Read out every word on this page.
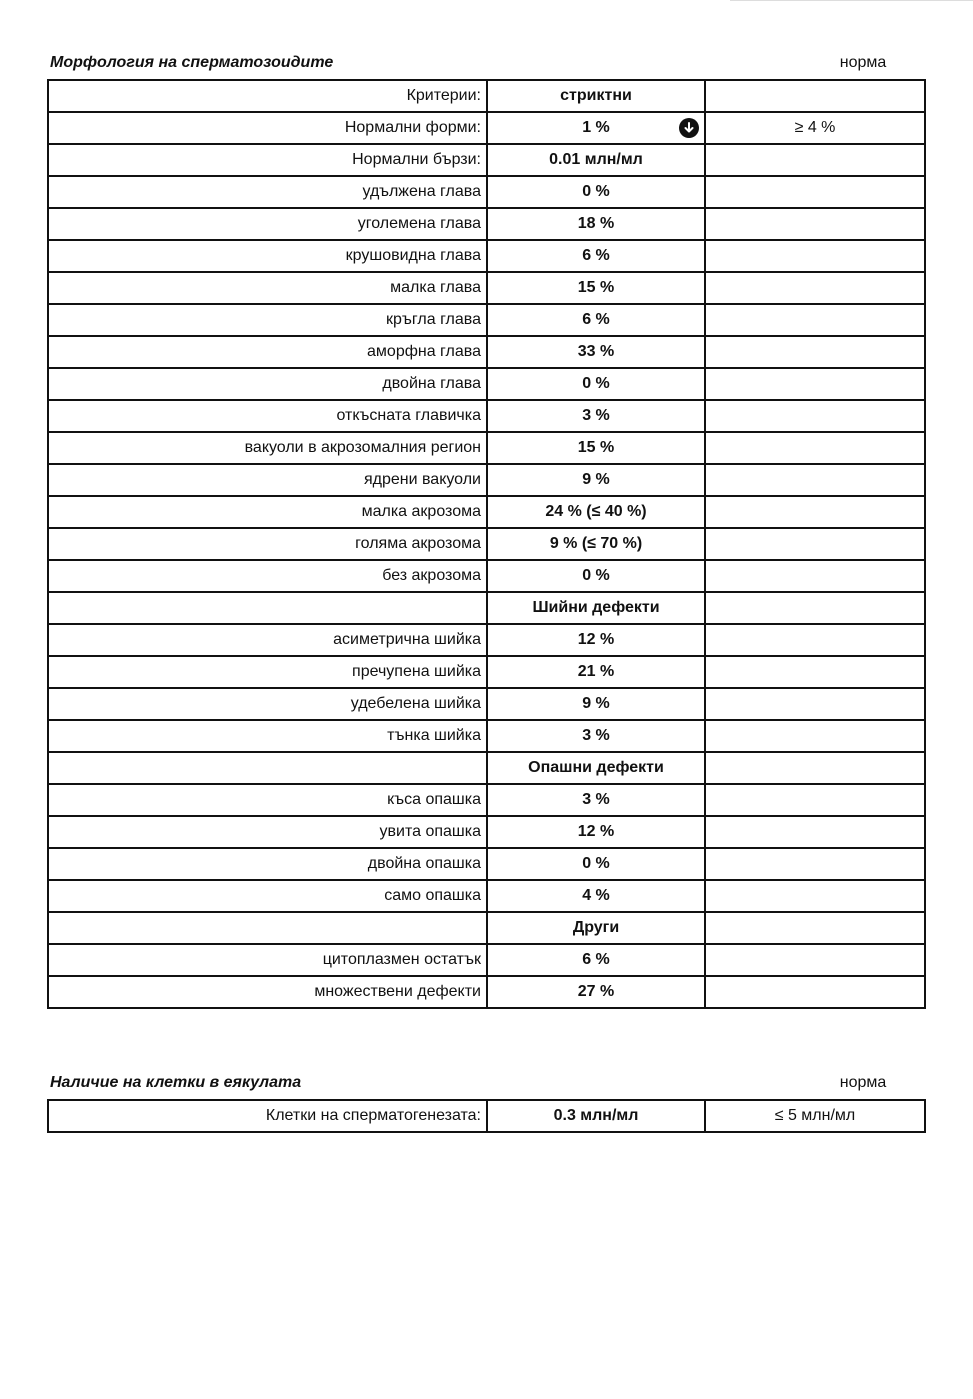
Морфология на сперматозоидите	норма
Критерии:	стриктни	
Нормални форми:	1 %	≥ 4 %
Нормални бързи:	0.01 млн/мл	
удължена глава	0 %	
уголемена глава	18 %	
крушовидна глава	6 %	
малка глава	15 %	
кръгла глава	6 %	
аморфна глава	33 %	
двойна глава	0 %	
откъсната главичка	3 %	
вакуоли в акрозомалния регион	15 %	
ядрени вакуоли	9 %	
малка акрозома	24 % (≤ 40 %)	
голяма акрозома	9 % (≤ 70 %)	
без акрозома	0 %	
	Шийни дефекти	
асиметрична шийка	12 %	
пречупена шийка	21 %	
удебелена шийка	9 %	
тънка шийка	3 %	
	Опашни дефекти	
къса опашка	3 %	
увита опашка	12 %	
двойна опашка	0 %	
само опашка	4 %	
	Други	
цитоплазмен остатък	6 %	
множествени дефекти	27 %	
Наличие на клетки в еякулата	норма
Клетки на сперматогенезата:	0.3 млн/мл	≤ 5 млн/мл
